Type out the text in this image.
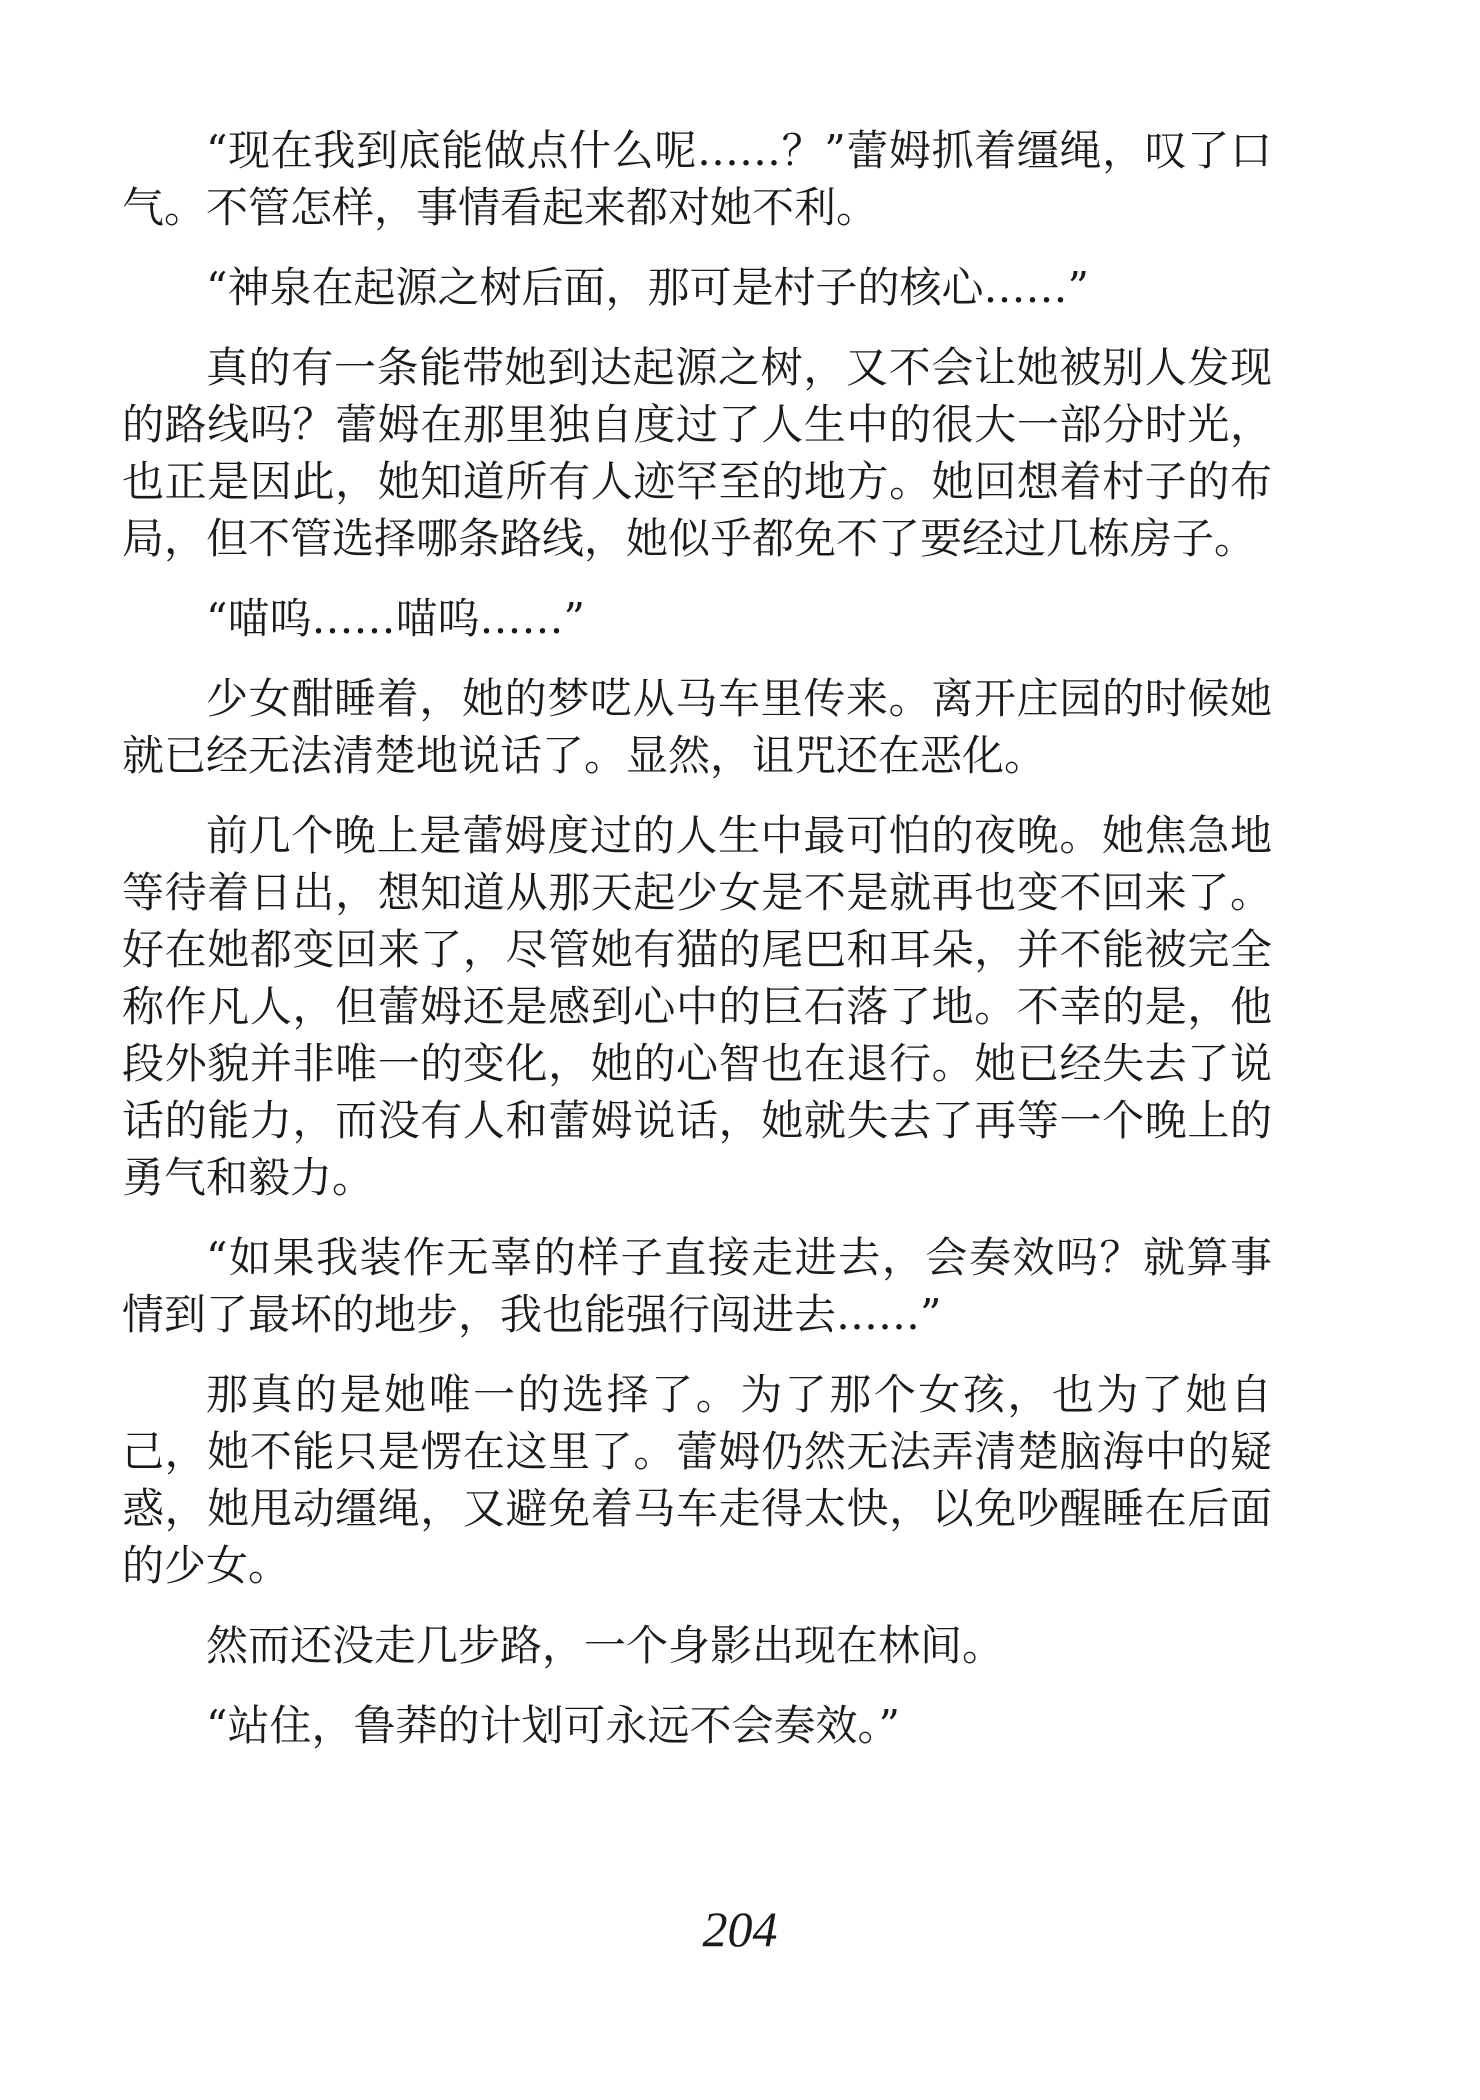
“现在我到底能做点什么呢……？”蕾姆抓着缰绳，叹了口气。不管怎样，事情看起来都对她不利。

“神泉在起源之树后面，那可是村子的核心……”

真的有一条能带她到达起源之树，又不会让她被别人发现的路线吗？蕾姆在那里独自度过了人生中的很大一部分时光，也正是因此，她知道所有人迹罕至的地方。她回想着村子的布局，但不管选择哪条路线，她似乎都免不了要经过几栋房子。

“喵呜……喵呜……”

少女酣睡着，她的梦呓从马车里传来。离开庄园的时候她就已经无法清楚地说话了。显然，诅咒还在恶化。

前几个晚上是蕾姆度过的人生中最可怕的夜晚。她焦急地等待着日出，想知道从那天起少女是不是就再也变不回来了。好在她都变回来了，尽管她有猫的尾巴和耳朵，并不能被完全称作凡人，但蕾姆还是感到心中的巨石落了地。不幸的是，他段外貌并非唯一的变化，她的心智也在退行。她已经失去了说话的能力，而没有人和蕾姆说话，她就失去了再等一个晚上的勇气和毅力。

“如果我装作无辜的样子直接走进去，会奏效吗？就算事情到了最坏的地步，我也能强行闯进去……”

那真的是她唯一的选择了。为了那个女孩，也为了她自己，她不能只是愣在这里了。蕾姆仍然无法弄清楚脑海中的疑惑，她甩动缰绳，又避免着马车走得太快，以免吵醒睡在后面的少女。

然而还没走几步路，一个身影出现在林间。

“站住，鲁莽的计划可永远不会奏效。”

204
